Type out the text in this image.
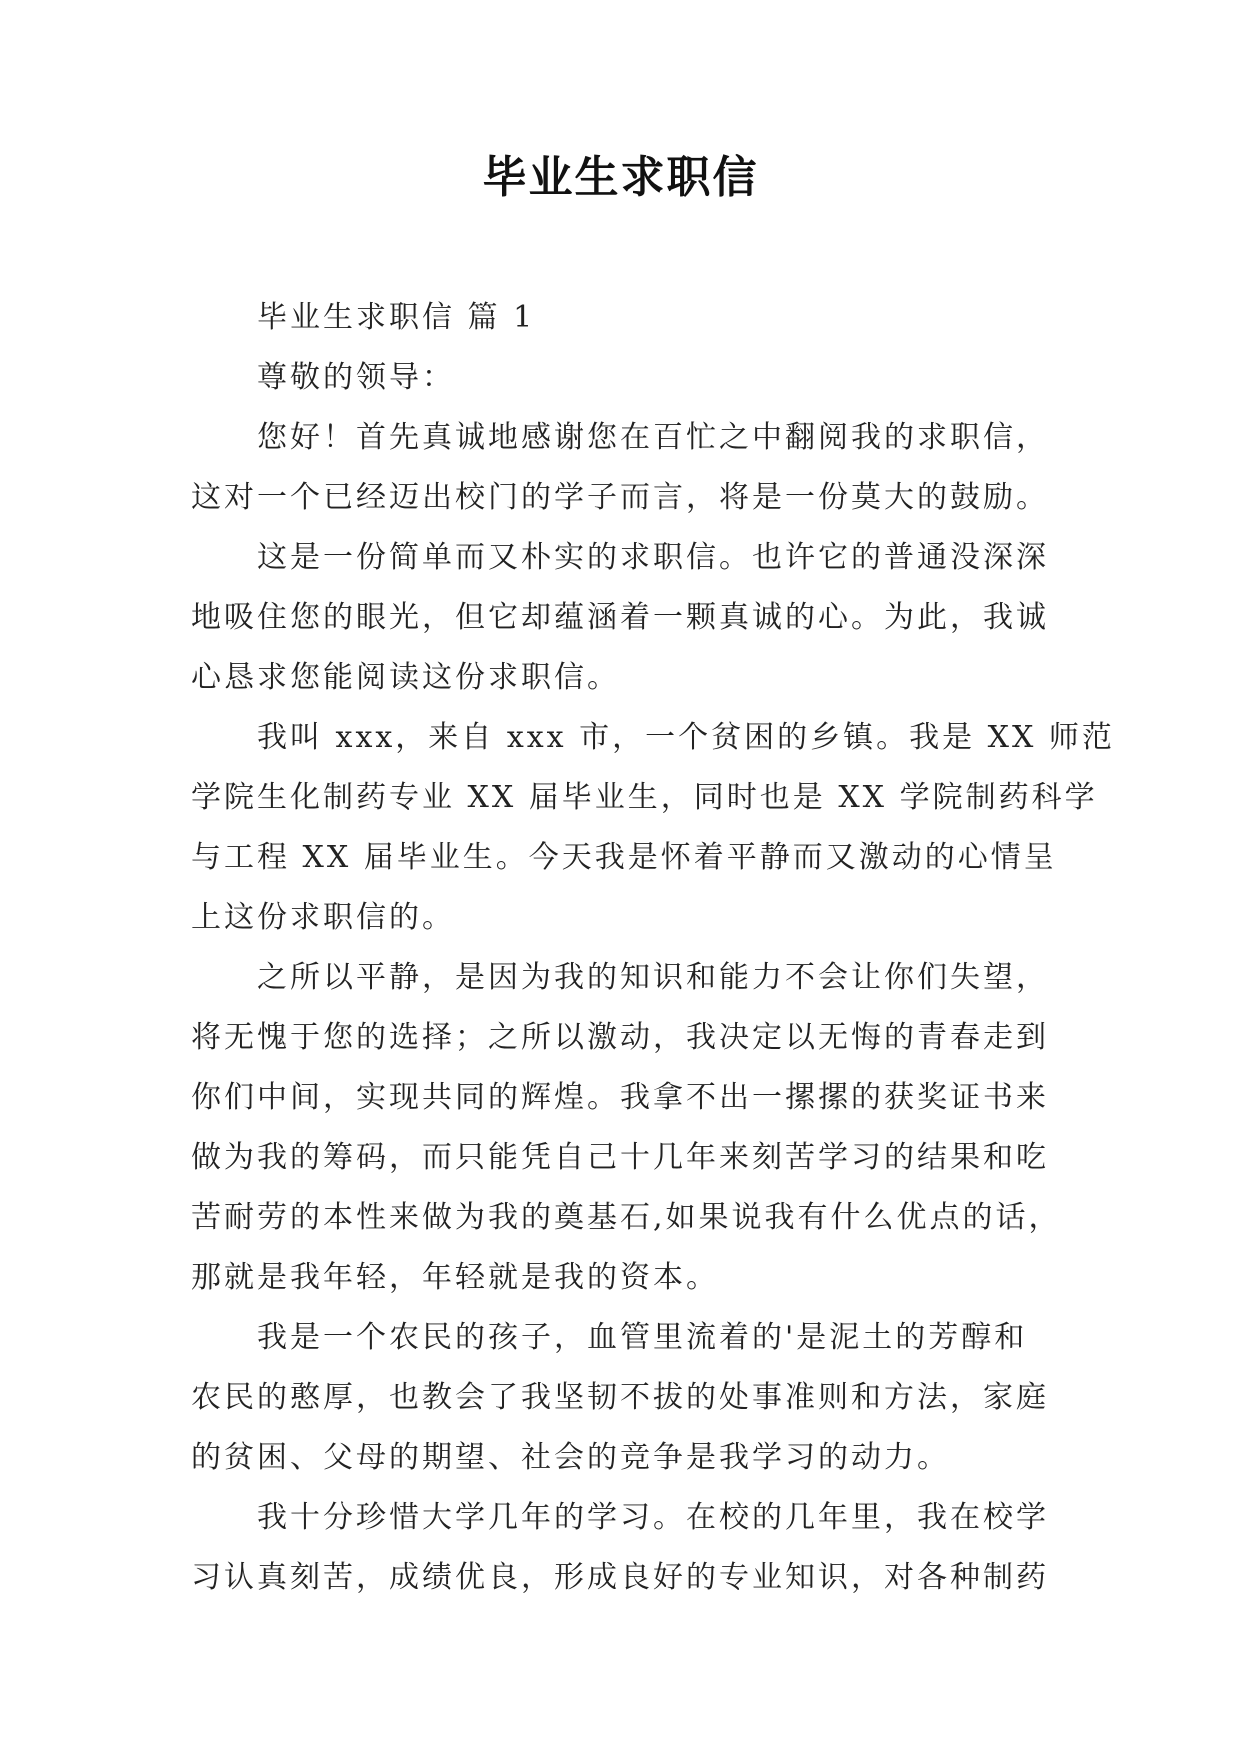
毕业生求职信
毕业生求职信 篇 1
尊敬的领导：
您好！首先真诚地感谢您在百忙之中翻阅我的求职信，
这对一个已经迈出校门的学子而言，将是一份莫大的鼓励。
这是一份简单而又朴实的求职信。也许它的普通没深深
地吸住您的眼光，但它却蕴涵着一颗真诚的心。为此，我诚
心恳求您能阅读这份求职信。
我叫 xxx，来自 xxx 市，一个贫困的乡镇。我是 XX 师范
学院生化制药专业 XX 届毕业生，同时也是 XX 学院制药科学
与工程 XX 届毕业生。今天我是怀着平静而又激动的心情呈
上这份求职信的。
之所以平静，是因为我的知识和能力不会让你们失望，
将无愧于您的选择；之所以激动，我决定以无悔的青春走到
你们中间，实现共同的辉煌。我拿不出一摞摞的获奖证书来
做为我的筹码，而只能凭自己十几年来刻苦学习的结果和吃
苦耐劳的本性来做为我的奠基石,如果说我有什么优点的话，
那就是我年轻，年轻就是我的资本。
我是一个农民的孩子，血管里流着的'是泥土的芳醇和
农民的憨厚，也教会了我坚韧不拔的处事准则和方法，家庭
的贫困、父母的期望、社会的竞争是我学习的动力。
我十分珍惜大学几年的学习。在校的几年里，我在校学
习认真刻苦，成绩优良，形成良好的专业知识，对各种制药
